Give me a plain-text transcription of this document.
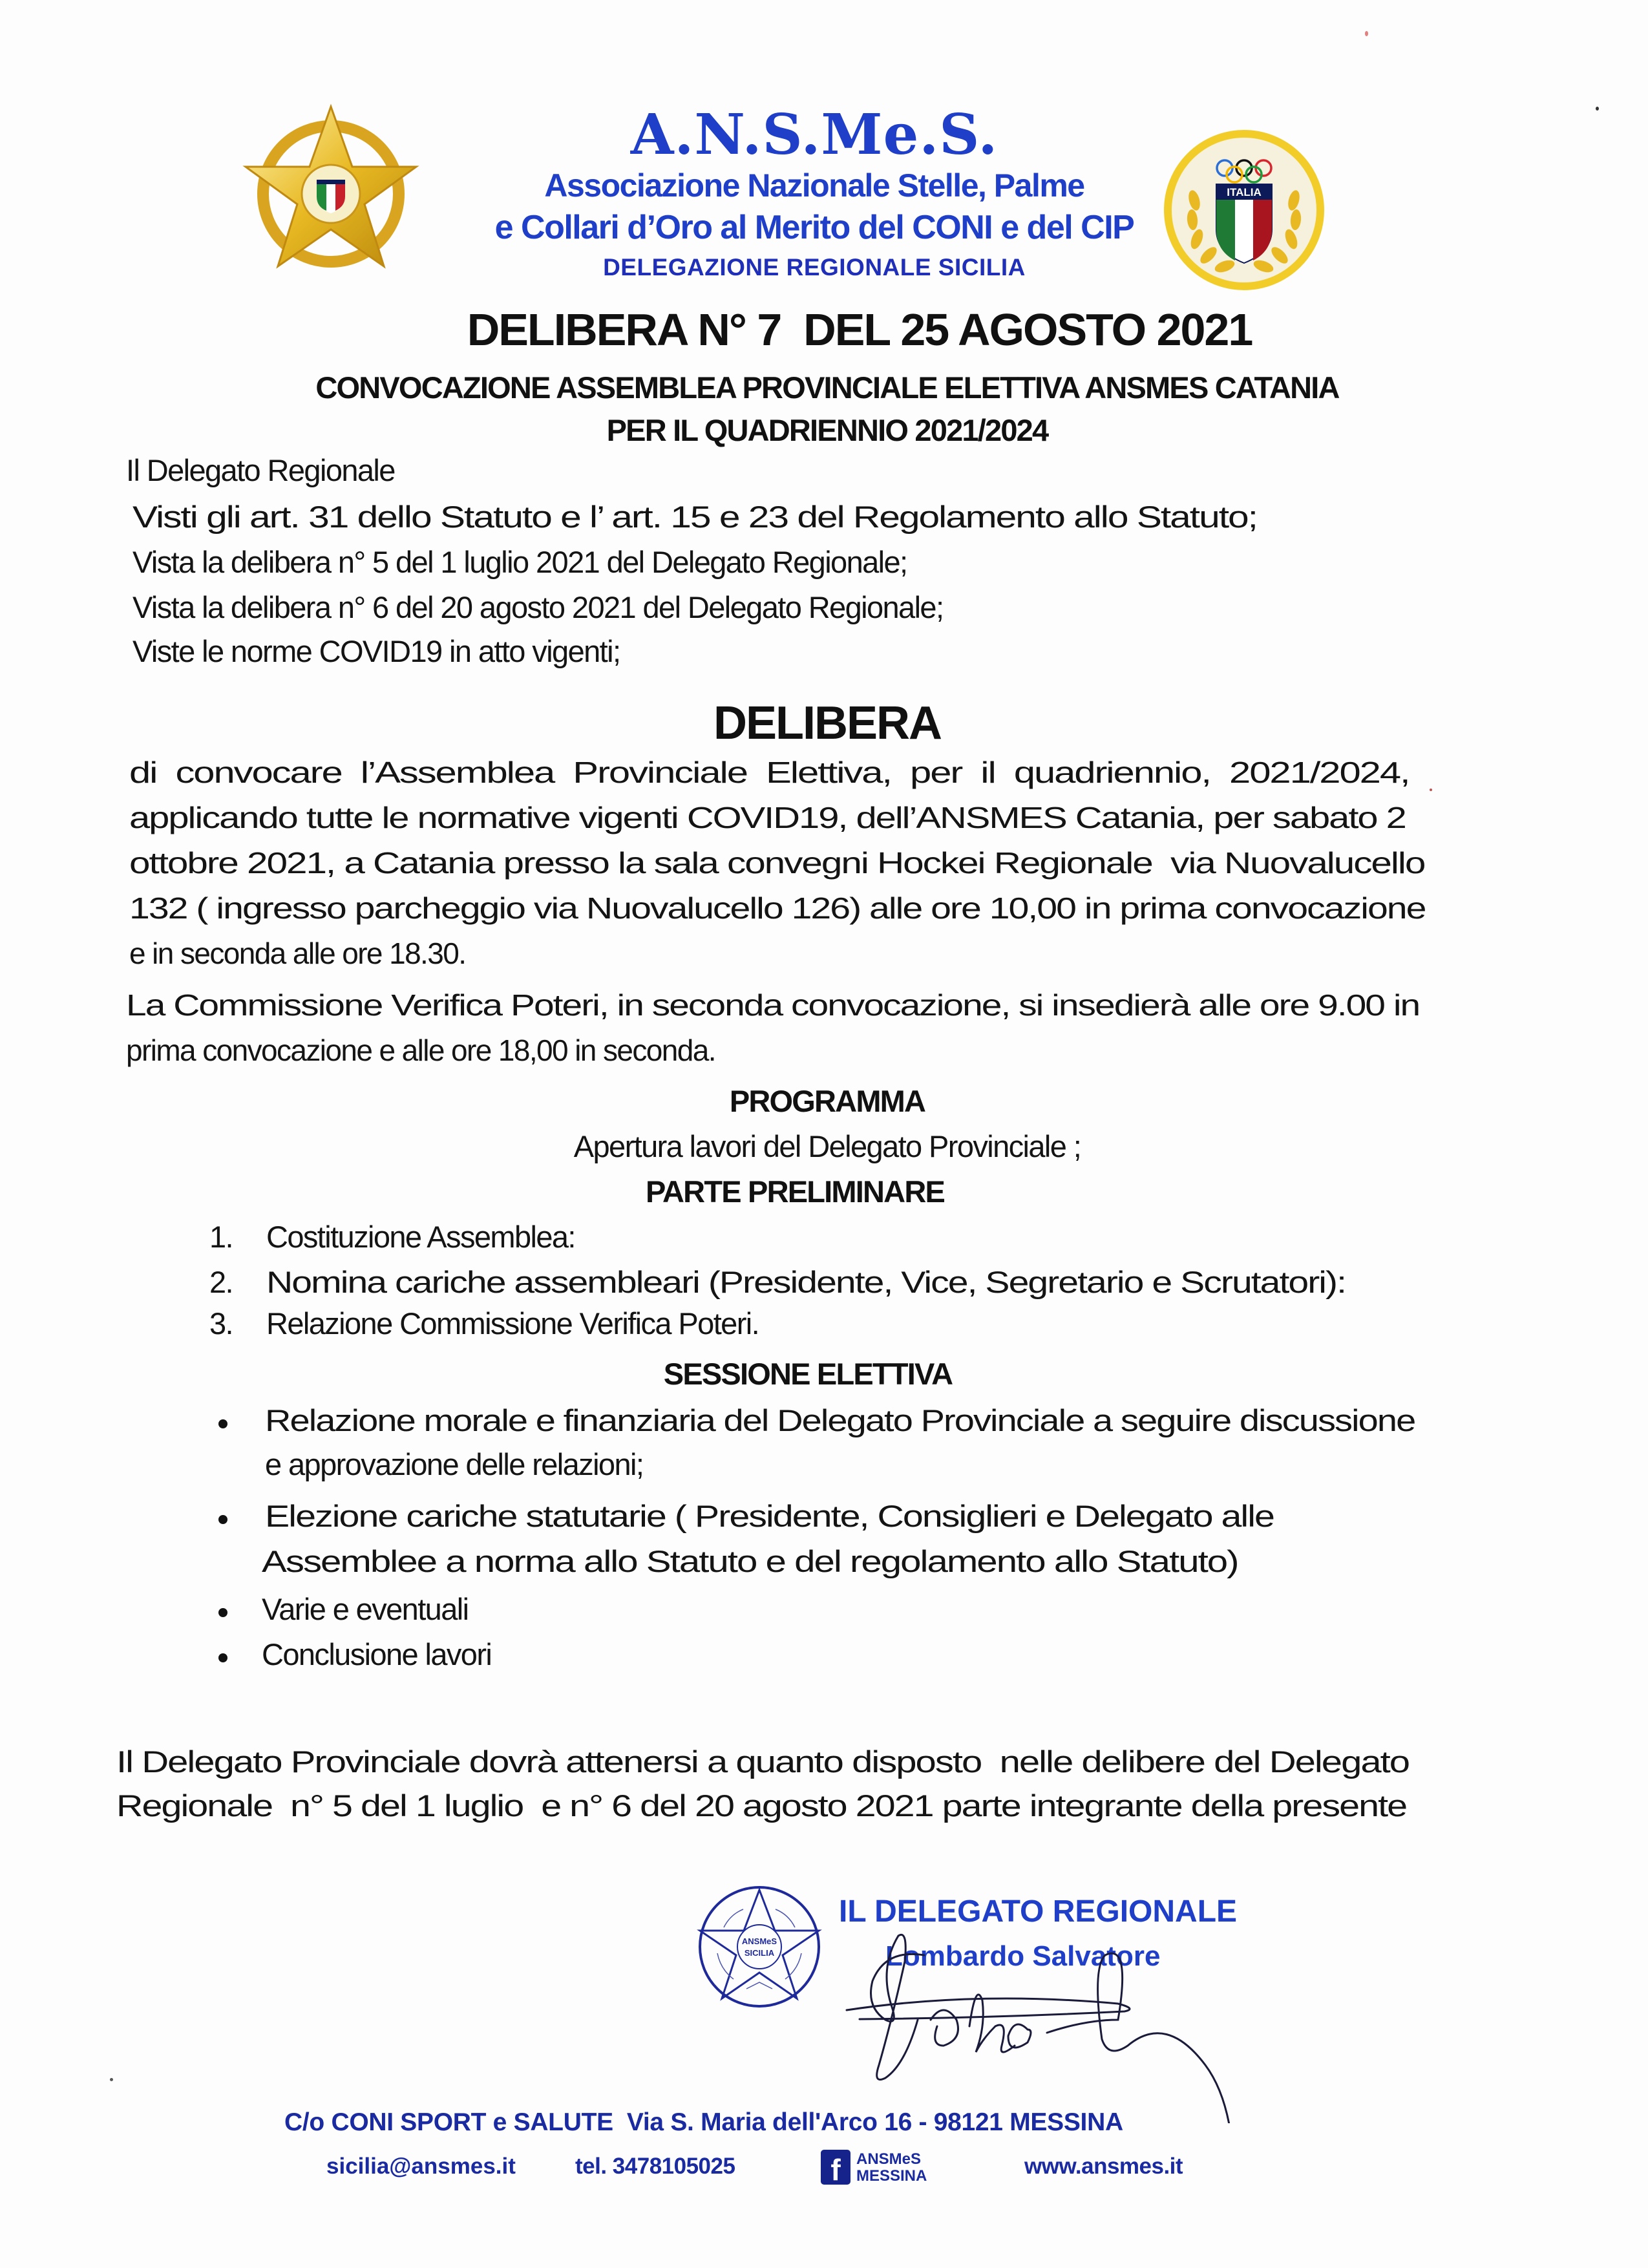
ITALIA
A.N.S.Me.S.
Associazione Nazionale Stelle, Palme
e Collari d’Oro al Merito del CONI e del CIP
DELEGAZIONE REGIONALE SICILIA
DELIBERA N° 7  DEL 25 AGOSTO 2021
CONVOCAZIONE ASSEMBLEA PROVINCIALE ELETTIVA ANSMES CATANIA
PER IL QUADRIENNIO 2021/2024
Il Delegato Regionale
Visti gli art. 31 dello Statuto e l’ art. 15 e 23 del Regolamento allo Statuto;
Vista la delibera n° 5 del 1 luglio 2021 del Delegato Regionale;
Vista la delibera n° 6 del 20 agosto 2021 del Delegato Regionale;
Viste le norme COVID19 in atto vigenti;
DELIBERA
di  convocare  l’Assemblea  Provinciale  Elettiva,  per  il  quadriennio,  2021/2024,
applicando tutte le normative vigenti COVID19, dell’ANSMES Catania, per sabato 2
ottobre 2021, a Catania presso la sala convegni Hockei Regionale  via Nuovalucello
132 ( ingresso parcheggio via Nuovalucello 126) alle ore 10,00 in prima convocazione
e in seconda alle ore 18.30.
La Commissione Verifica Poteri, in seconda convocazione, si insedierà alle ore 9.00 in
prima convocazione e alle ore 18,00 in seconda.
PROGRAMMA
Apertura lavori del Delegato Provinciale ;
PARTE PRELIMINARE
1. Costituzione Assemblea:
2. Nomina cariche assembleari (Presidente, Vice, Segretario e Scrutatori):
3. Relazione Commissione Verifica Poteri.
SESSIONE ELETTIVA
Relazione morale e finanziaria del Delegato Provinciale a seguire discussione
e approvazione delle relazioni;
Elezione cariche statutarie ( Presidente, Consiglieri e Delegato alle
Assemblee a norma allo Statuto e del regolamento allo Statuto)
Varie e eventuali
Conclusione lavori
Il Delegato Provinciale dovrà attenersi a quanto disposto  nelle delibere del Delegato
Regionale  n° 5 del 1 luglio  e n° 6 del 20 agosto 2021 parte integrante della presente
ANSMeS
SICILIA
IL DELEGATO REGIONALE
Lombardo Salvatore
C/o CONI SPORT e SALUTE  Via S. Maria dell'Arco 16 - 98121 MESSINA
sicilia@ansmes.it	tel. 3478105025	f	ANSMeS
MESSINA	www.ansmes.it
